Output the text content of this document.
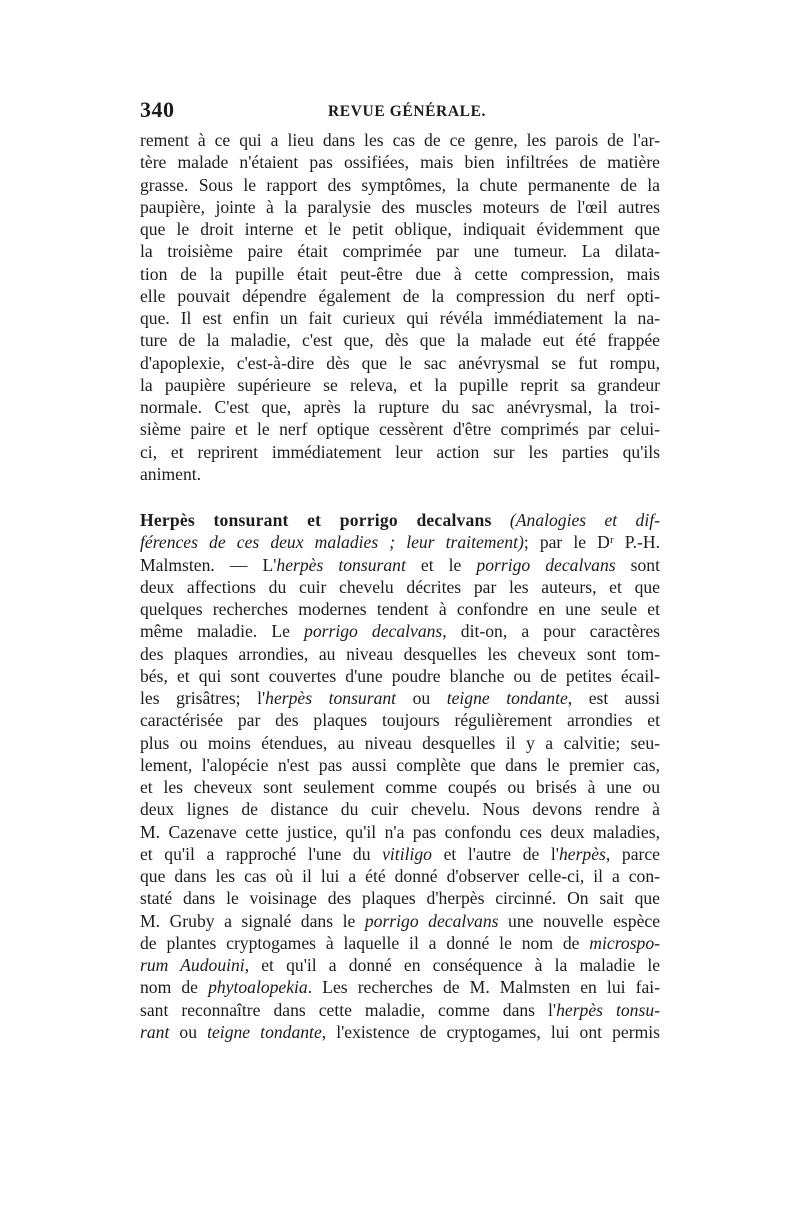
340	REVUE GÉNÉRALE.
rement à ce qui a lieu dans les cas de ce genre, les parois de l'ar-
tère malade n'étaient pas ossifiées, mais bien infiltrées de matière
grasse. Sous le rapport des symptômes, la chute permanente de la
paupière, jointe à la paralysie des muscles moteurs de l'œil autres
que le droit interne et le petit oblique, indiquait évidemment que
la troisième paire était comprimée par une tumeur. La dilata-
tion de la pupille était peut-être due à cette compression, mais
elle pouvait dépendre également de la compression du nerf opti-
que. Il est enfin un fait curieux qui révéla immédiatement la na-
ture de la maladie, c'est que, dès que la malade eut été frappée
d'apoplexie, c'est-à-dire dès que le sac anévrysmal se fut rompu,
la paupière supérieure se releva, et la pupille reprit sa grandeur
normale. C'est que, après la rupture du sac anévrysmal, la troi-
sième paire et le nerf optique cessèrent d'être comprimés par celui-
ci, et reprirent immédiatement leur action sur les parties qu'ils
animent.
Herpès tonsurant et porrigo decalvans (Analogies et dif-
férences de ces deux maladies ; leur traitement); par le Dʳ P.-H.
Malmsten. — L'herpès tonsurant et le porrigo decalvans sont
deux affections du cuir chevelu décrites par les auteurs, et que
quelques recherches modernes tendent à confondre en une seule et
même maladie. Le porrigo decalvans, dit-on, a pour caractères
des plaques arrondies, au niveau desquelles les cheveux sont tom-
bés, et qui sont couvertes d'une poudre blanche ou de petites écail-
les grisâtres; l'herpès tonsurant ou teigne tondante, est aussi
caractérisée par des plaques toujours régulièrement arrondies et
plus ou moins étendues, au niveau desquelles il y a calvitie; seu-
lement, l'alopécie n'est pas aussi complète que dans le premier cas,
et les cheveux sont seulement comme coupés ou brisés à une ou
deux lignes de distance du cuir chevelu. Nous devons rendre à
M. Cazenave cette justice, qu'il n'a pas confondu ces deux maladies,
et qu'il a rapproché l'une du vitiligo et l'autre de l'herpès, parce
que dans les cas où il lui a été donné d'observer celle-ci, il a con-
staté dans le voisinage des plaques d'herpès circinné. On sait que
M. Gruby a signalé dans le porrigo decalvans une nouvelle espèce
de plantes cryptogames à laquelle il a donné le nom de microspo-
rum Audouini, et qu'il a donné en conséquence à la maladie le
nom de phytoalopekia. Les recherches de M. Malmsten en lui fai-
sant reconnaître dans cette maladie, comme dans l'herpès tonsu-
rant ou teigne tondante, l'existence de cryptogames, lui ont permis
